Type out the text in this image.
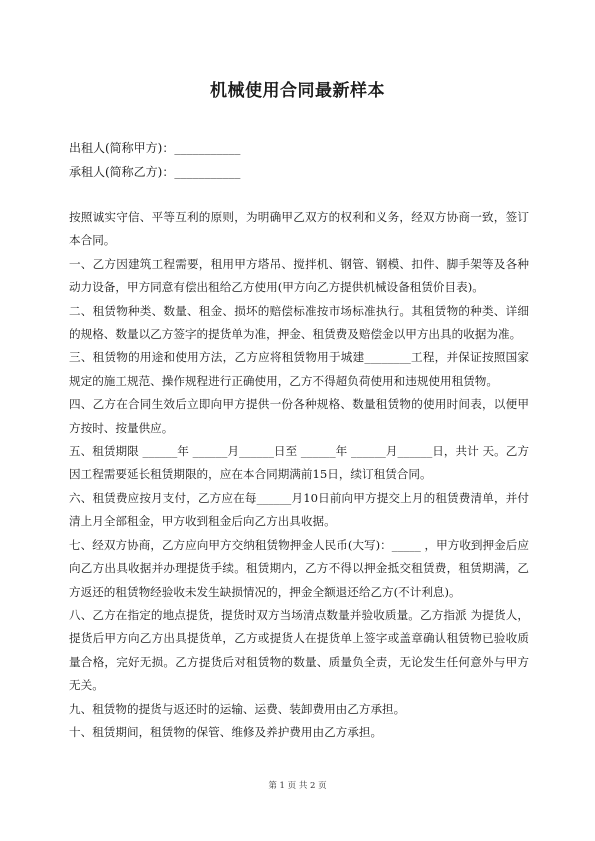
机械使用合同最新样本
出租人(简称甲方)：___________
承租人(简称乙方)：___________

按照诚实守信、平等互利的原则，为明确甲乙双方的权利和义务，经双方协商一致，签订本合同。

一、乙方因建筑工程需要，租用甲方塔吊、搅拌机、钢管、钢模、扣件、脚手架等及各种动力设备，甲方同意有偿出租给乙方使用(甲方向乙方提供机械设备租赁价目表)。

二、租赁物种类、数量、租金、损坏的赔偿标准按市场标准执行。其租赁物的种类、详细的规格、数量以乙方签字的提货单为准，押金、租赁费及赔偿金以甲方出具的收据为准。

三、租赁物的用途和使用方法，乙方应将租赁物用于城建________工程，并保证按照国家规定的施工规范、操作规程进行正确使用，乙方不得超负荷使用和违规使用租赁物。

四、乙方在合同生效后立即向甲方提供一份各种规格、数量租赁物的使用时间表，以便甲方按时、按量供应。

五、租赁期限 ______年 ______月______日至 ______年 ______月______日，共计 天。乙方因工程需要延长租赁期限的，应在本合同期满前15日，续订租赁合同。

六、租赁费应按月支付，乙方应在每______月10日前向甲方提交上月的租赁费清单，并付清上月全部租金，甲方收到租金后向乙方出具收据。

七、经双方协商，乙方应向甲方交纳租赁物押金人民币(大写)：_____ ，甲方收到押金后应向乙方出具收据并办理提货手续。租赁期内，乙方不得以押金抵交租赁费，租赁期满，乙方返还的租赁物经验收未发生缺损情况的，押金全额退还给乙方(不计利息)。

八、乙方在指定的地点提货，提货时双方当场清点数量并验收质量。乙方指派 为提货人，提货后甲方向乙方出具提货单，乙方或提货人在提货单上签字或盖章确认租赁物已验收质量合格，完好无损。乙方提货后对租赁物的数量、质量负全责，无论发生任何意外与甲方无关。

九、租赁物的提货与返还时的运输、运费、装卸费用由乙方承担。

十、租赁期间，租赁物的保管、维修及养护费用由乙方承担。

第 1 页 共 2 页
